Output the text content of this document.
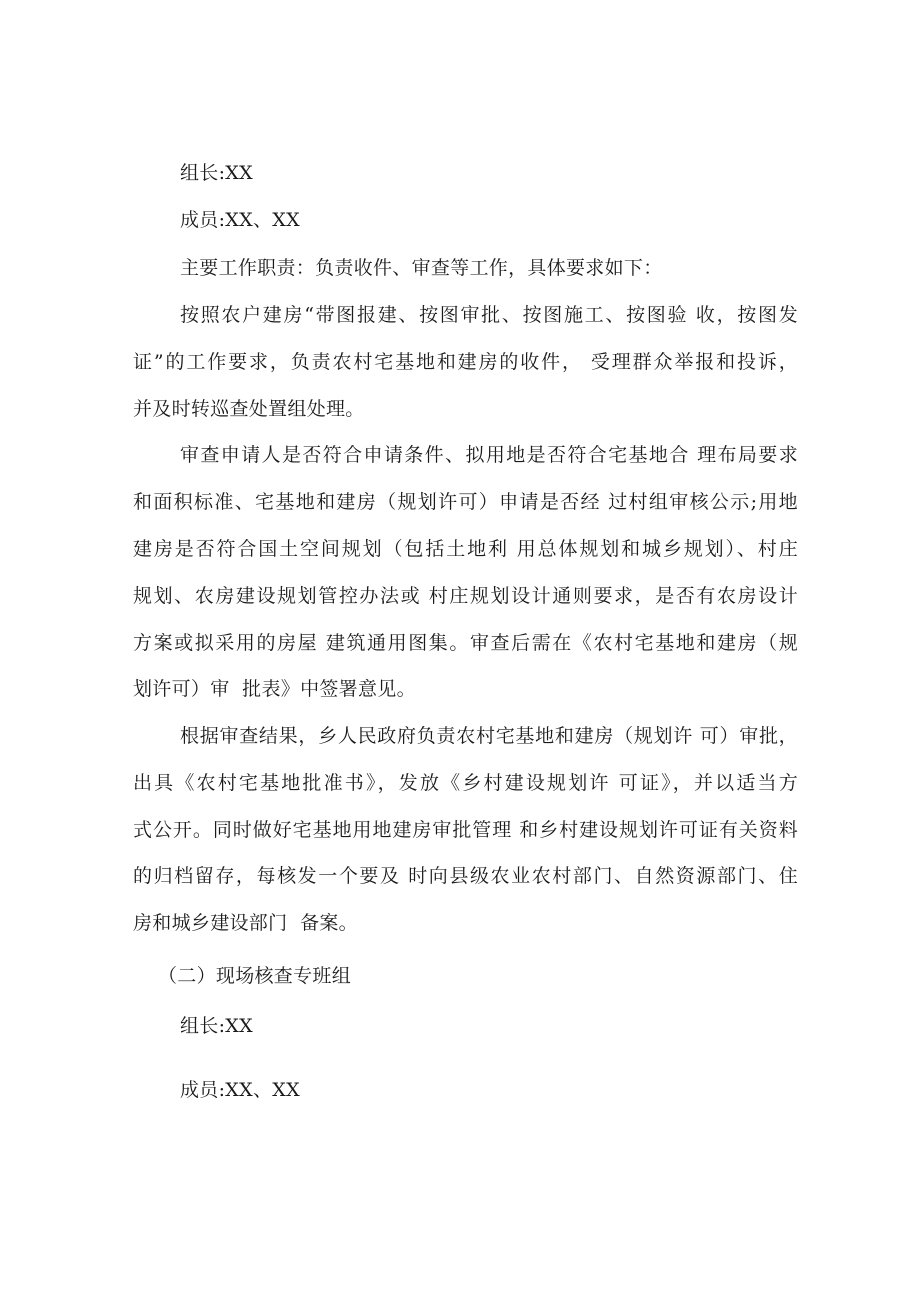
组长:XX
成员:XX、XX
主要工作职责：负责收件、审查等工作，具体要求如下：
按照农户建房“带图报建、按图审批、按图施工、按图验 收，按图发
证”的工作要求，负责农村宅基地和建房的收件， 受理群众举报和投诉，
并及时转巡查处置组处理。
审查申请人是否符合申请条件、拟用地是否符合宅基地合 理布局要求
和面积标准、宅基地和建房（规划许可）申请是否经 过村组审核公示;用地
建房是否符合国土空间规划（包括土地利 用总体规划和城乡规划）、村庄
规划、农房建设规划管控办法或 村庄规划设计通则要求，是否有农房设计
方案或拟采用的房屋 建筑通用图集。审查后需在《农村宅基地和建房（规
划许可）审  批表》中签署意见。
根据审查结果，乡人民政府负责农村宅基地和建房（规划许 可）审批，
出具《农村宅基地批准书》，发放《乡村建设规划许 可证》，并以适当方
式公开。同时做好宅基地用地建房审批管理 和乡村建设规划许可证有关资料
的归档留存，每核发一个要及 时向县级农业农村部门、自然资源部门、住
房和城乡建设部门  备案。
（二）现场核查专班组
组长:XX
成员:XX、XX
